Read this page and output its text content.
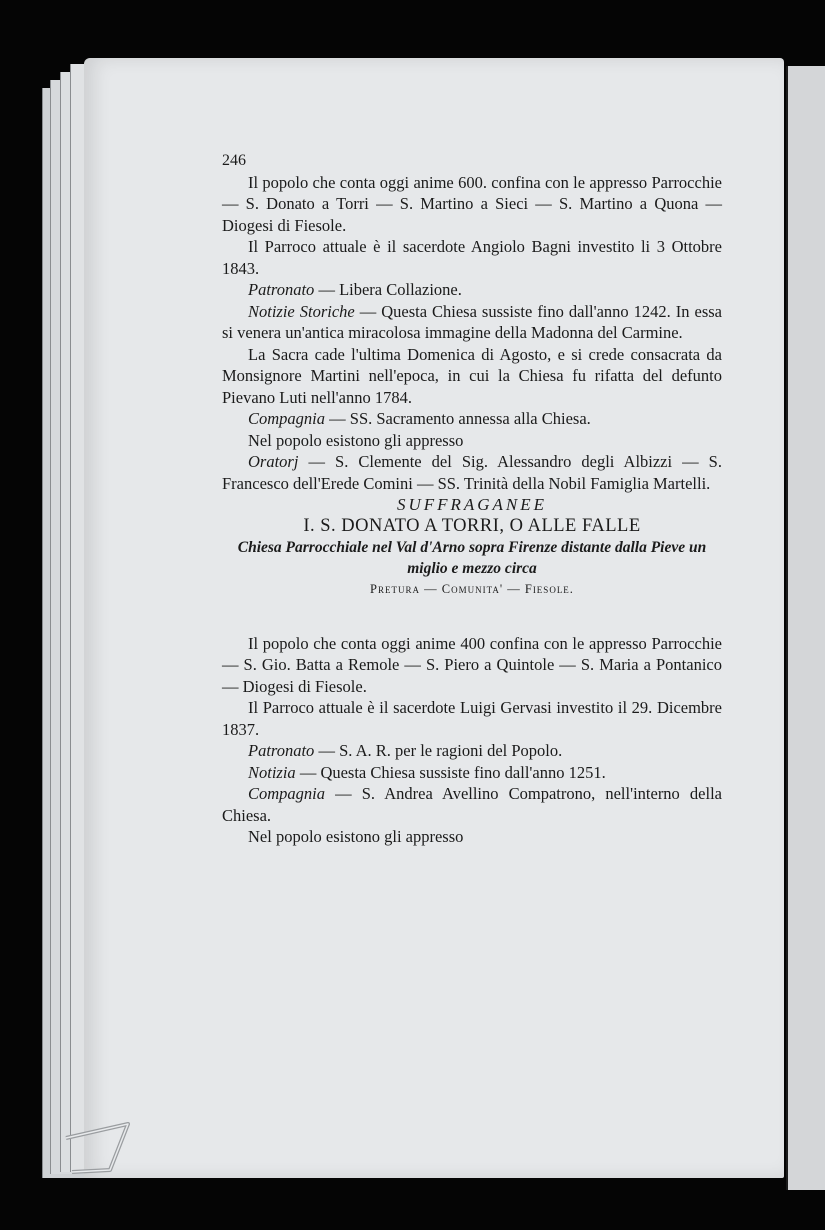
246

Il popolo che conta oggi anime 600. confina con le appresso Parrocchie — S. Donato a Torri — S. Martino a Sieci — S. Martino a Quona — Diogesi di Fiesole.

Il Parroco attuale è il sacerdote Angiolo Bagni investito li 3 Ottobre 1843.

Patronato — Libera Collazione.

Notizie Storiche — Questa Chiesa sussiste fino dall'anno 1242. In essa si venera un'antica miracolosa immagine della Madonna del Carmine.

La Sacra cade l'ultima Domenica di Agosto, e si crede consacrata da Monsignore Martini nell'epoca, in cui la Chiesa fu rifatta del defunto Pievano Luti nell'anno 1784.

Compagnia — SS. Sacramento annessa alla Chiesa.

Nel popolo esistono gli appresso

Oratorj — S. Clemente del Sig. Alessandro degli Albizzi — S. Francesco dell'Erede Comini — SS. Trinità della Nobil Famiglia Martelli.

SUFFRAGANEE

I. S. DONATO A TORRI, O ALLE FALLE

Chiesa Parrocchiale nel Val d'Arno sopra Firenze distante dalla Pieve un miglio e mezzo circa

Pretura — Comunita' — Fiesole.

Il popolo che conta oggi anime 400 confina con le appresso Parrocchie — S. Gio. Batta a Remole — S. Piero a Quintole — S. Maria a Pontanico — Diogesi di Fiesole.

Il Parroco attuale è il sacerdote Luigi Gervasi investito il 29. Dicembre 1837.

Patronato — S. A. R. per le ragioni del Popolo.

Notizia — Questa Chiesa sussiste fino dall'anno 1251.

Compagnia — S. Andrea Avellino Compatrono, nell'interno della Chiesa.

Nel popolo esistono gli appresso
